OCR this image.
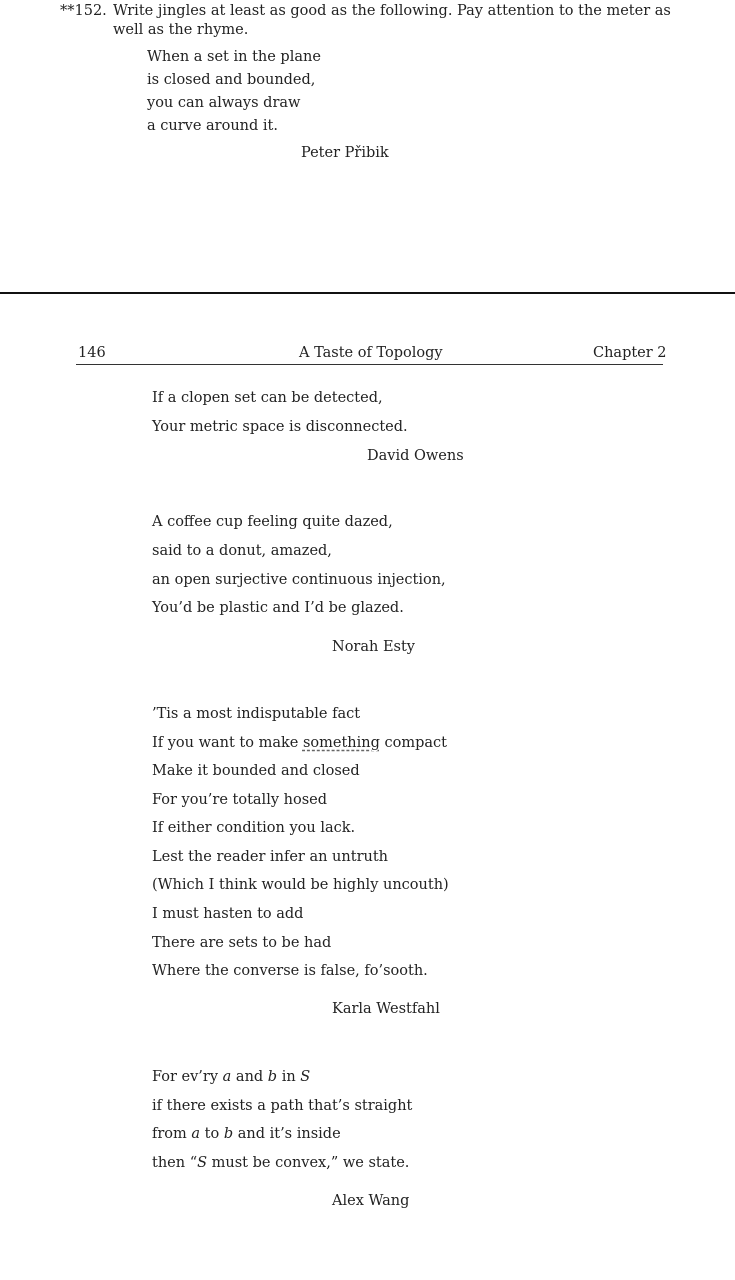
**152. Write jingles at least as good as the following. Pay attention to the meter as
well as the rhyme.
When a set in the plane
is closed and bounded,
you can always draw
a curve around it.
Peter Přibik
146	A Taste of Topology	Chapter 2
If a clopen set can be detected,
Your metric space is disconnected.
David Owens
A coffee cup feeling quite dazed,
said to a donut, amazed,
an open surjective continuous injection,
You’d be plastic and I’d be glazed.
Norah Esty
’Tis a most indisputable fact
If you want to make something compact
Make it bounded and closed
For you’re totally hosed
If either condition you lack.
Lest the reader infer an untruth
(Which I think would be highly uncouth)
I must hasten to add
There are sets to be had
Where the converse is false, fo’sooth.
Karla Westfahl
For ev’ry a and b in S
if there exists a path that’s straight
from a to b and it’s inside
then “S must be convex,” we state.
Alex Wang
